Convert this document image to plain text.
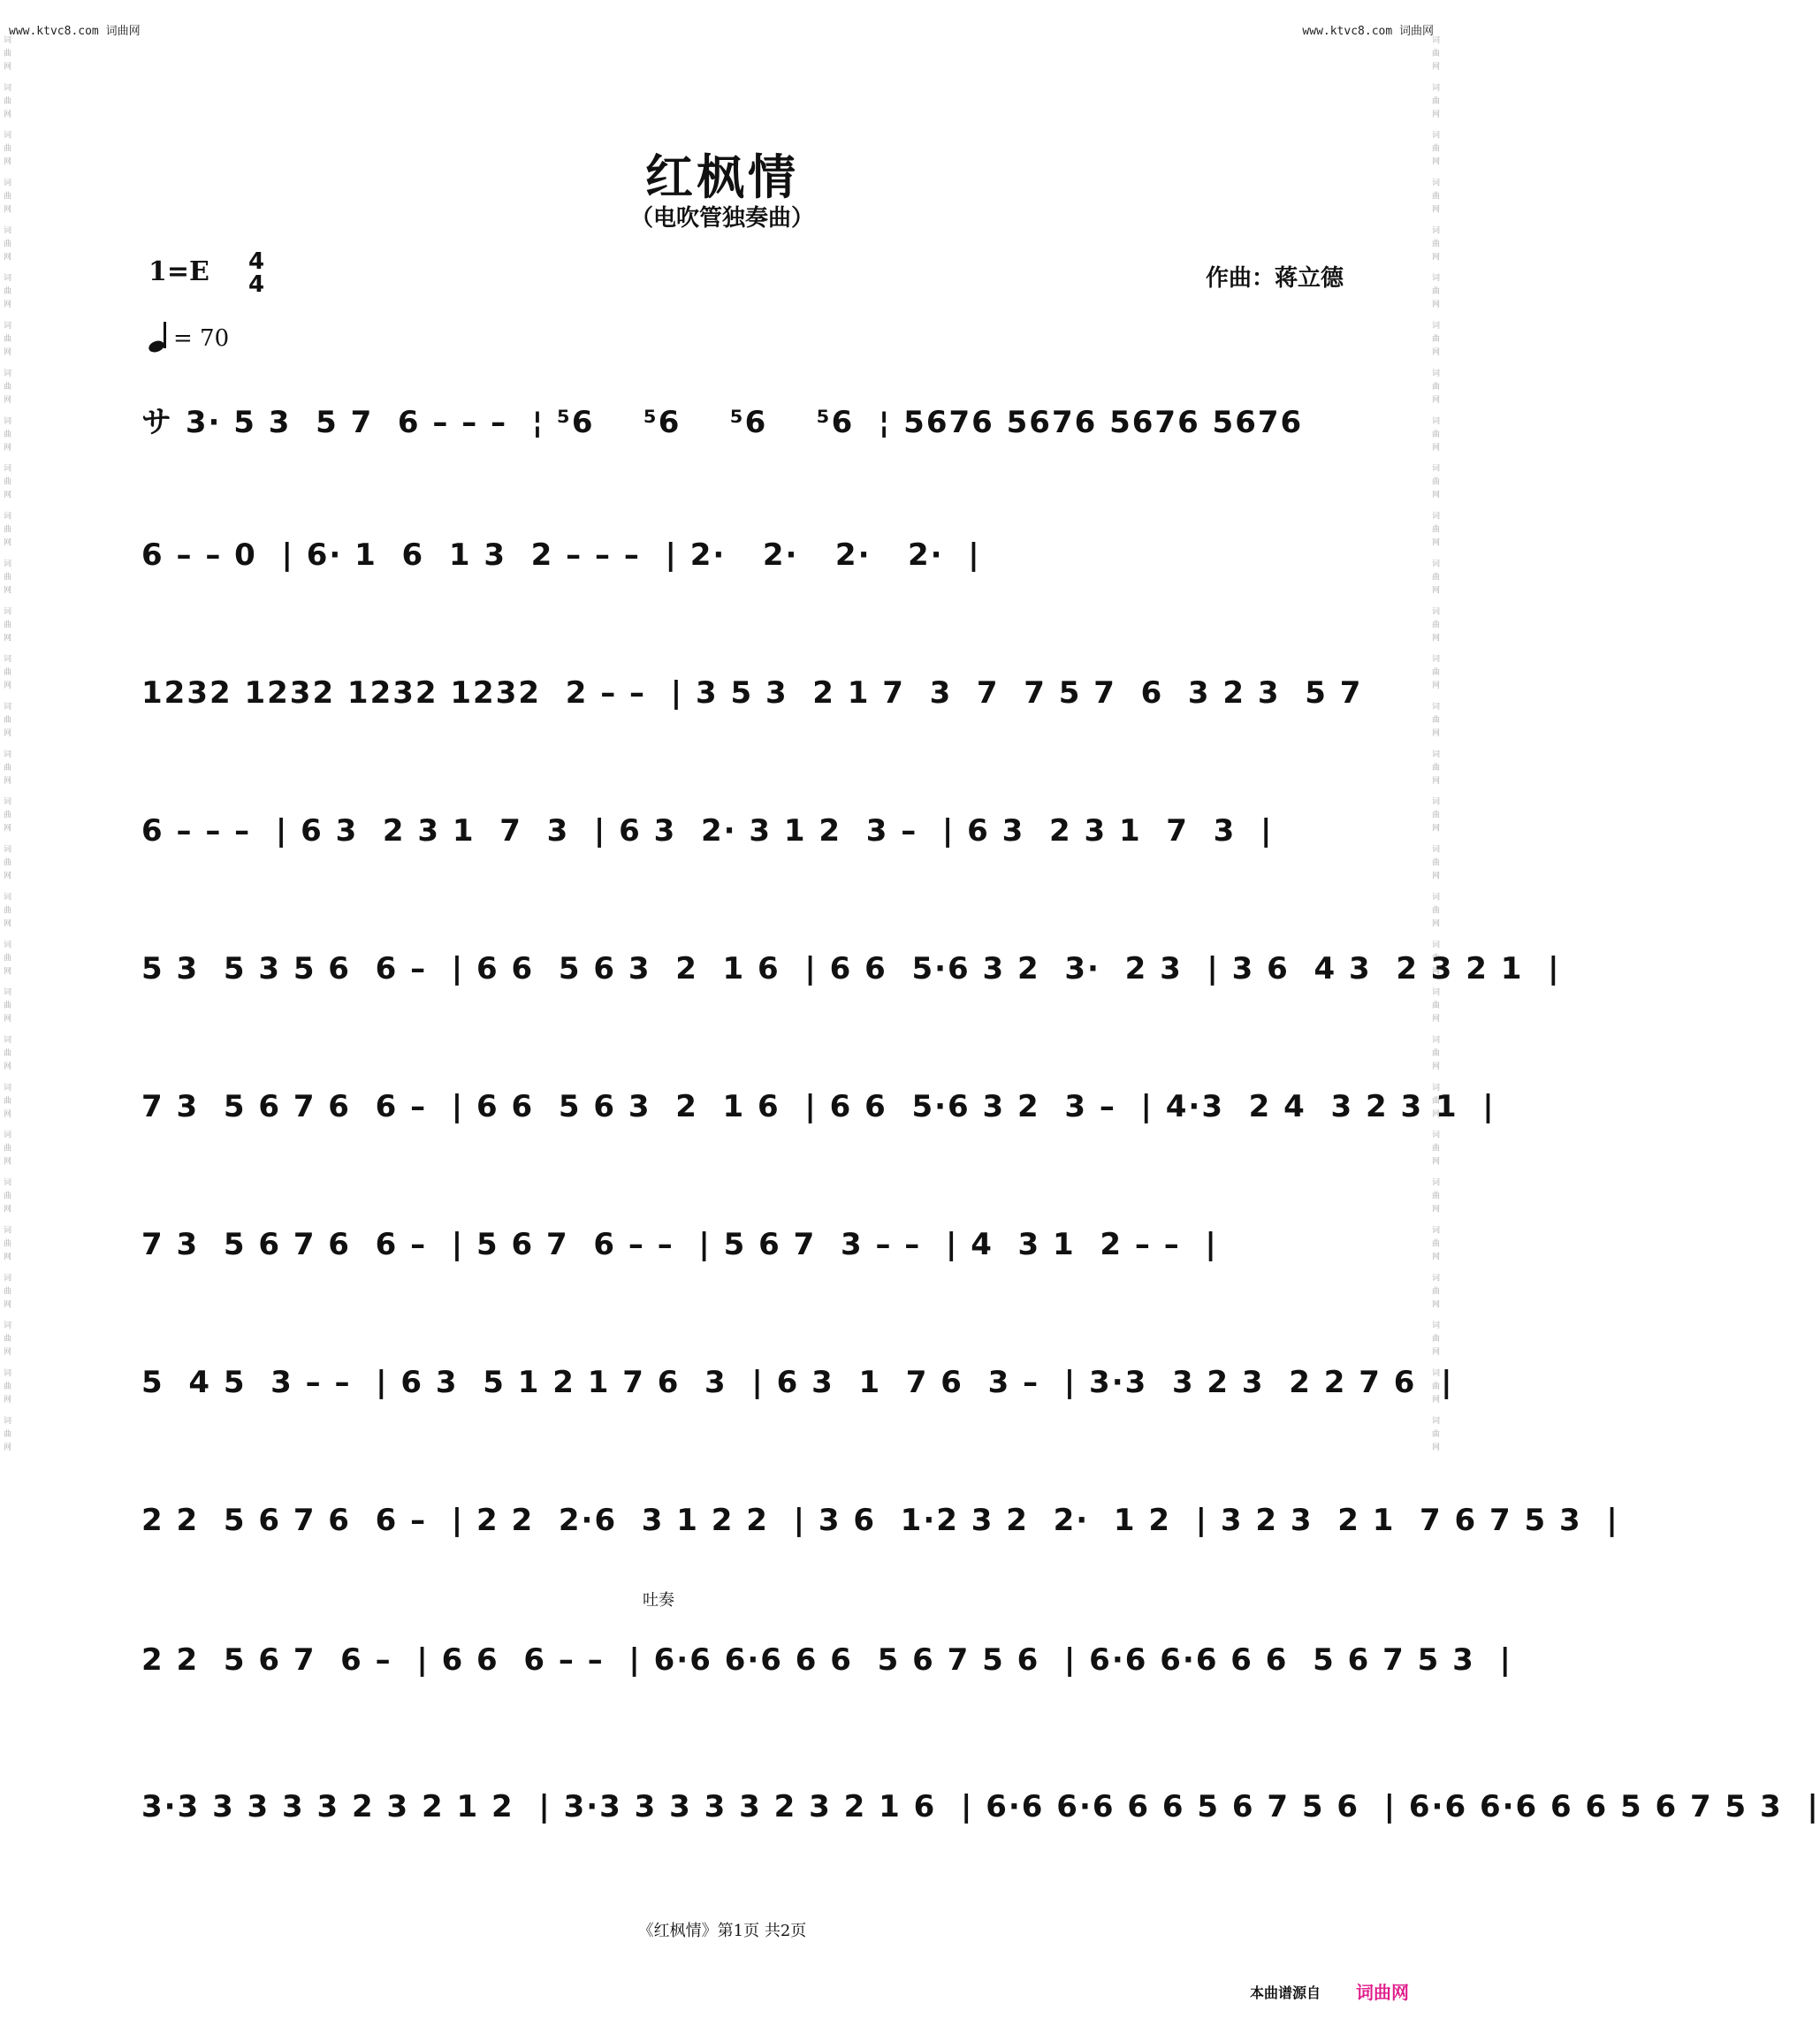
www.ktvc8.com 词曲网	www.ktvc8.com 词曲网
词曲网 词曲网 词曲网 词曲网 词曲网 词曲网 词曲网 词曲网 词曲网 词曲网 词曲网 词曲网 词曲网 词曲网 词曲网 词曲网 词曲网 词曲网 词曲网 词曲网 词曲网 词曲网 词曲网 词曲网 词曲网 词曲网 词曲网 词曲网 词曲网 词曲网	词曲网 词曲网 词曲网 词曲网 词曲网 词曲网 词曲网 词曲网 词曲网 词曲网 词曲网 词曲网 词曲网 词曲网 词曲网 词曲网 词曲网 词曲网 词曲网 词曲网 词曲网 词曲网 词曲网 词曲网 词曲网 词曲网 词曲网 词曲网 词曲网 词曲网
红枫情
（电吹管独奏曲）
1=E 4
4	作曲：蒋立德
= 70
サ 3· 5 3  5 7  6 – – –  ¦ ⁵6    ⁵6    ⁵6    ⁵6  ¦ 5676 5676 5676 5676
6 – – 0  | 6· 1  6  1 3  2 – – –  | 2·   2·   2·   2·  |
1232 1232 1232 1232  2 – –  | 3 5 3  2 1 7  3  7  7 5 7  6  3 2 3  5 7
6 – – –  | 6 3  2 3 1  7  3  | 6 3  2· 3 1 2  3 –  | 6 3  2 3 1  7  3  |
5 3  5 3 5 6  6 –  | 6 6  5 6 3  2  1 6  | 6 6  5·6 3 2  3·  2 3  | 3 6  4 3  2 3 2 1  |
7 3  5 6 7 6  6 –  | 6 6  5 6 3  2  1 6  | 6 6  5·6 3 2  3 –  | 4·3  2 4  3 2 3 1  |
7 3  5 6 7 6  6 –  | 5 6 7  6 – –  | 5 6 7  3 – –  | 4  3 1  2 – –  |
5  4 5  3 – –  | 6 3  5 1 2 1 7 6  3  | 6 3  1  7 6  3 –  | 3·3  3 2 3  2 2 7 6  |
2 2  5 6 7 6  6 –  | 2 2  2·6  3 1 2 2  | 3 6  1·2 3 2  2·  1 2  | 3 2 3  2 1  7 6 7 5 3  |
吐奏
2 2  5 6 7  6 –  | 6 6  6 – –  | 6·6 6·6 6 6  5 6 7 5 6  | 6·6 6·6 6 6  5 6 7 5 3  |
3·3 3 3 3 3 2 3 2 1 2  | 3·3 3 3 3 3 2 3 2 1 6  | 6·6 6·6 6 6 5 6 7 5 6  | 6·6 6·6 6 6 5 6 7 5 3  |
《红枫情》第1页 共2页
本曲谱源自 词曲网
